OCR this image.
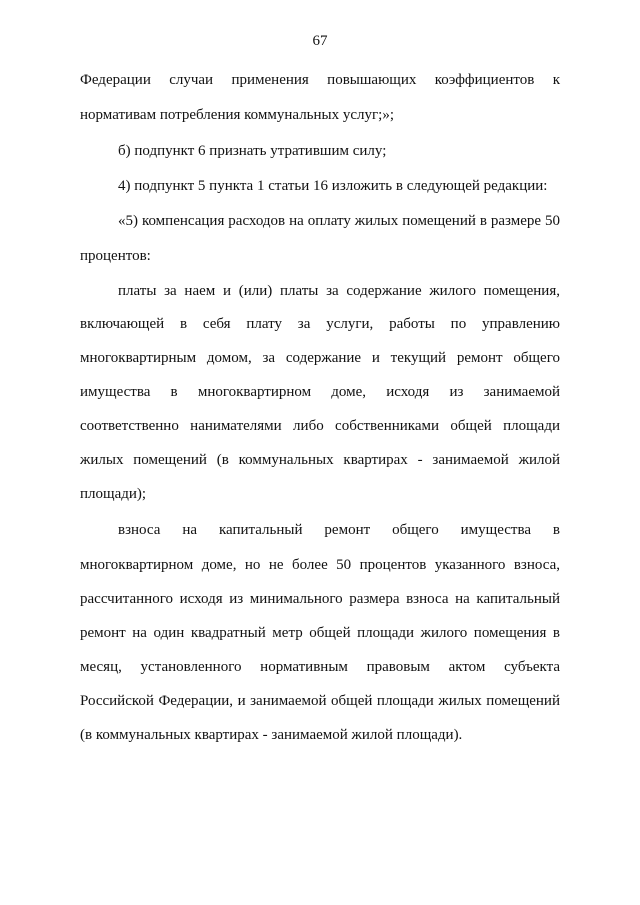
67
Федерации случаи применения повышающих коэффициентов к
нормативам потребления коммунальных услуг;»;
б) подпункт 6 признать утратившим силу;
4) подпункт 5 пункта 1 статьи 16 изложить в следующей редакции:
«5) компенсация расходов на оплату жилых помещений в размере 50
процентов:
платы за наем и (или) платы за содержание жилого помещения,
включающей в себя плату за услуги, работы по управлению
многоквартирным домом, за содержание и текущий ремонт общего
имущества в многоквартирном доме, исходя из занимаемой
соответственно нанимателями либо собственниками общей площади
жилых помещений (в коммунальных квартирах - занимаемой жилой
площади);
взноса на капитальный ремонт общего имущества в
многоквартирном доме, но не более 50 процентов указанного взноса,
рассчитанного исходя из минимального размера взноса на капитальный
ремонт на один квадратный метр общей площади жилого помещения в
месяц, установленного нормативным правовым актом субъекта
Российской Федерации, и занимаемой общей площади жилых помещений
(в коммунальных квартирах - занимаемой жилой площади).
